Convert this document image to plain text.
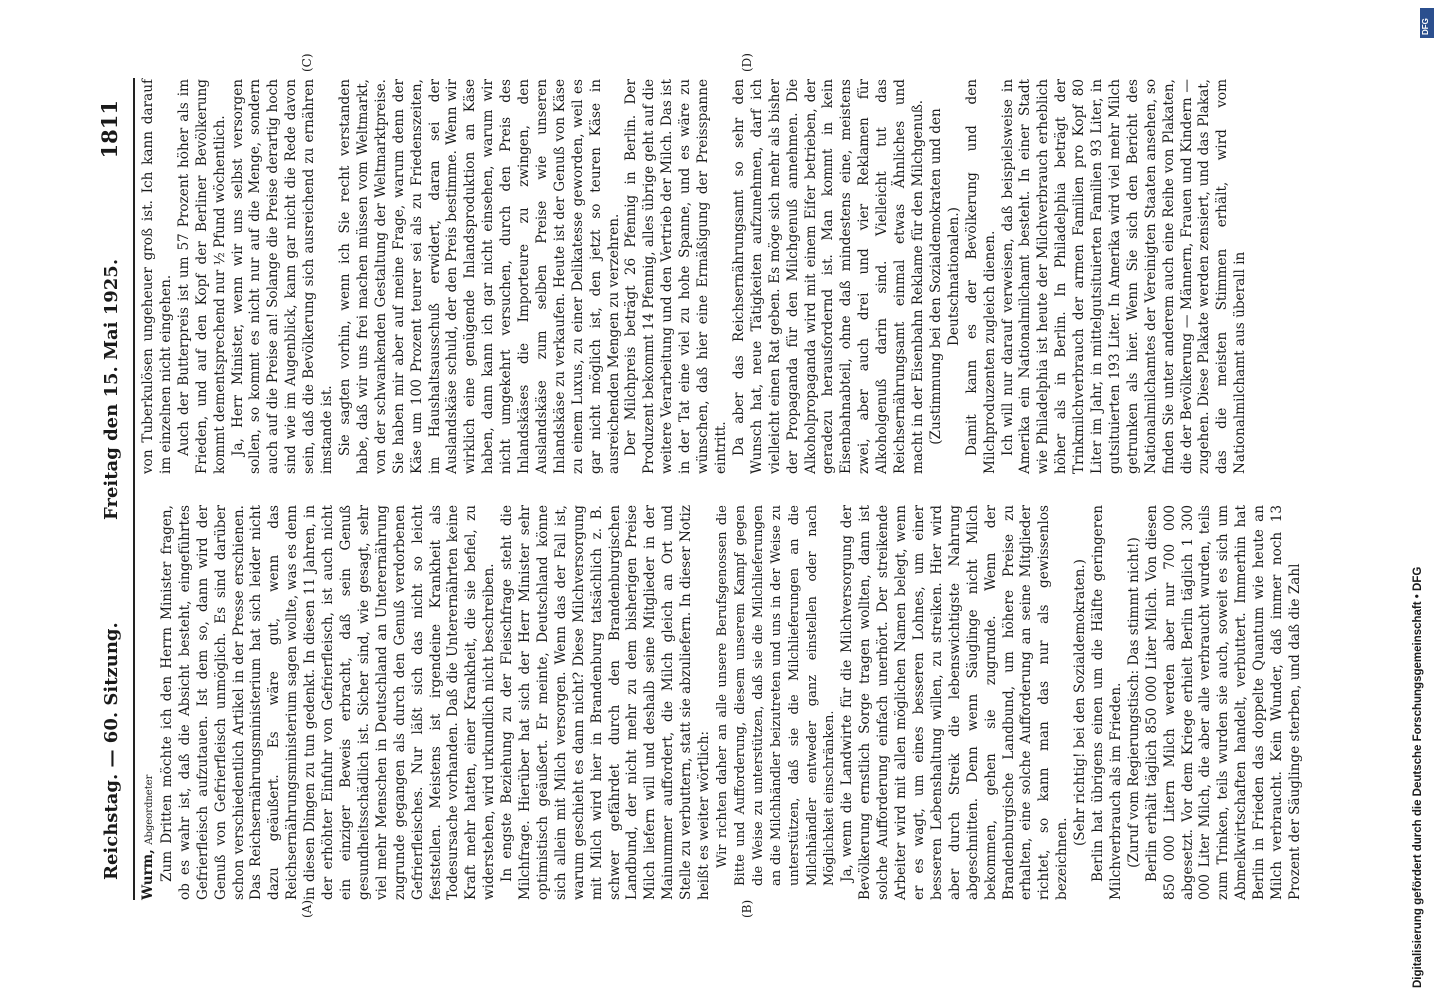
Reichstag. — 60. Sitzung.
Freitag den 15. Mai 1925.
1811
(A)	(B)
(C)	(D)

Wurm, Abgeordneter Zum Dritten möchte ich den Herrn Minister fragen, ob es wahr ist, daß die Absicht besteht, eingeführtes Gefrierfleisch aufzutauen. Ist dem so, dann wird der Genuß von Gefrierfleisch unmöglich. Es sind darüber schon verschiedentlich Artikel in der Presse erschienen. Das Reichsernährungsministerium hat sich leider nicht dazu geäußert. Es wäre gut, wenn das Reichsernährungsministerium sagen wollte, was es denn in diesen Dingen zu tun gedenkt. In diesen 11 Jahren, in der erhöhter Einfuhr von Gefrierfleisch, ist auch nicht ein einziger Beweis erbracht, daß sein Genuß gesundheitsschädlich ist. Sicher sind, wie gesagt, sehr viel mehr Menschen in Deutschland an Unterernährung zugrunde gegangen als durch den Genuß verdorbenen Gefrierfleisches. Nur läßt sich das nicht so leicht feststellen. Meistens ist irgendeine Krankheit als Todesursache vorhanden. Daß die Unterernährten keine Kraft mehr hatten, einer Krankheit, die sie befiel, zu widerstehen, wird urkundlich nicht beschreiben. In engste Beziehung zu der Fleischfrage steht die Milchfrage. Hierüber hat sich der Herr Minister sehr optimistisch geäußert. Er meinte, Deutschland könne sich allein mit Milch versorgen. Wenn das der Fall ist, warum geschieht es dann nicht? Diese Milchversorgung mit Milch wird hier in Brandenburg tatsächlich z. B. schwer gefährdet durch den Brandenburgischen Landbund, der nicht mehr zu dem bisherigen Preise Milch liefern will und deshalb seine Mitglieder in der Mainummer auffordert, die Milch gleich an Ort und Stelle zu verbuttern, statt sie abzuliefern. In dieser Notiz heißt es weiter wörtlich: Wir richten daher an alle unsere Berufsgenossen die Bitte und Aufforderung, diesem unserem Kampf gegen die Weise zu unterstützen, daß sie die Milchlieferungen an die Milchhändler beizutreten und uns in der Weise zu unterstützen, daß sie die Milchlieferungen an die Milchhändler entweder ganz einstellen oder nach Möglichkeit einschränken. Ja, wenn die Landwirte für die Milchversorgung der Bevölkerung ernstlich Sorge tragen wollten, dann ist solche Aufforderung einfach unerhört. Der streikende Arbeiter wird mit allen möglichen Namen belegt, wenn er es wagt, um eines besseren Lohnes, um einer besseren Lebenshaltung willen, zu streiken. Hier wird aber durch Streik die lebenswichtigste Nahrung abgeschnitten. Denn wenn Säuglinge nicht Milch bekommen, gehen sie zugrunde. Wenn der Brandenburgische Landbund, um höhere Preise zu erhalten, eine solche Aufforderung an seine Mitglieder richtet, so kann man das nur als gewissenlos bezeichnen.

(Sehr richtig! bei den Sozialdemokraten.) Berlin hat übrigens einen um die Hälfte geringeren Milchverbrauch als im Frieden. (Zuruf vom Regierungstisch: Das stimmt nicht!) Berlin erhält täglich 850 000 Liter Milch. Von diesen 850 000 Litern Milch werden aber nur 700 000 abgesetzt. Vor dem Kriege erhielt Berlin täglich 1 300 000 Liter Milch, die aber alle verbraucht wurden, teils zum Trinken, teils wurden sie auch, soweit es sich um Abmelkwirtschaften handelt, verbuttert. Immerhin hat Berlin in Frieden das doppelte Quantum wie heute an Milch verbraucht. Kein Wunder, daß immer noch 13 Prozent der Säuglinge sterben, und daß die Zahl

von Tuberkulösen ungeheuer groß ist. Ich kann darauf im einzelnen nicht eingehen. Auch der Butterpreis ist um 57 Prozent höher als im Frieden, und auf den Kopf der Berliner Bevölkerung kommt dementsprechend nur ½ Pfund wöchentlich. Ja, Herr Minister, wenn wir uns selbst versorgen sollen, so kommt es nicht nur auf die Menge, sondern auch auf die Preise an! Solange die Preise derartig hoch sind wie im Augenblick, kann gar nicht die Rede davon sein, daß die Bevölkerung sich ausreichend zu ernähren imstande ist. Sie sagten vorhin, wenn ich Sie recht verstanden habe, daß wir uns frei machen müssen vom Weltmarkt, von der schwankenden Gestaltung der Weltmarktpreise. Sie haben mir aber auf meine Frage, warum denn der Käse um 100 Prozent teurer sei als zu Friedenszeiten, im Haushaltsausschuß erwidert, daran sei der Auslandskäse schuld, der den Preis bestimme. Wenn wir wirklich eine genügende Inlandsproduktion an Käse haben, dann kann ich gar nicht einsehen, warum wir nicht umgekehrt versuchen, durch den Preis des Inlandskäses die Importeure zu zwingen, den Auslandskäse zum selben Preise wie unseren Inlandskäse zu verkaufen. Heute ist der Genuß von Käse zu einem Luxus, zu einer Delikatesse geworden, weil es gar nicht möglich ist, den jetzt so teuren Käse in ausreichenden Mengen zu verzehren. Der Milchpreis beträgt 26 Pfennig in Berlin. Der Produzent bekommt 14 Pfennig, alles übrige geht auf die weitere Verarbeitung und den Vertrieb der Milch. Das ist in der Tat eine viel zu hohe Spanne, und es wäre zu wünschen, daß hier eine Ermäßigung der Preisspanne eintritt. Da aber das Reichsernährungsamt so sehr den Wunsch hat, neue Tätigkeiten aufzunehmen, darf ich vielleicht einen Rat geben. Es möge sich mehr als bisher der Propaganda für den Milchgenuß annehmen. Die Alkoholpropaganda wird mit einem Eifer betrieben, der geradezu herausfordernd ist. Man kommt in kein Eisenbahnabteil, ohne daß mindestens eine, meistens zwei, aber auch drei und vier Reklamen für Alkoholgenuß darin sind. Vielleicht tut das Reichsernährungsamt einmal etwas Ähnliches und macht in der Eisenbahn Reklame für den Milchgenuß. (Zustimmung bei den Sozialdemokraten und den Deutschnationalen.) Damit kann es der Bevölkerung und den Milchproduzenten zugleich dienen. Ich will nur darauf verweisen, daß beispielsweise in Amerika ein Nationalmilchamt besteht. In einer Stadt wie Philadelphia ist heute der Milchverbrauch erheblich höher als in Berlin. In Philadelphia beträgt der Trinkmilchverbrauch der armen Familien pro Kopf 80 Liter im Jahr, in mittelgutsituierten Familien 93 Liter, in gutsituierten 193 Liter. In Amerika wird viel mehr Milch getrunken als hier. Wenn Sie sich den Bericht des Nationalmilchamtes der Vereinigten Staaten ansehen, so finden Sie unter anderem auch eine Reihe von Plakaten, die der Bevölkerung — Männern, Frauen und Kindern — zugehen. Diese Plakate werden zensiert, und das Plakat, das die meisten Stimmen erhält, wird vom Nationalmilchamt aus überall in

Digitalisierung gefördert durch die Deutsche Forschungsgemeinschaft • DFG
DFG
